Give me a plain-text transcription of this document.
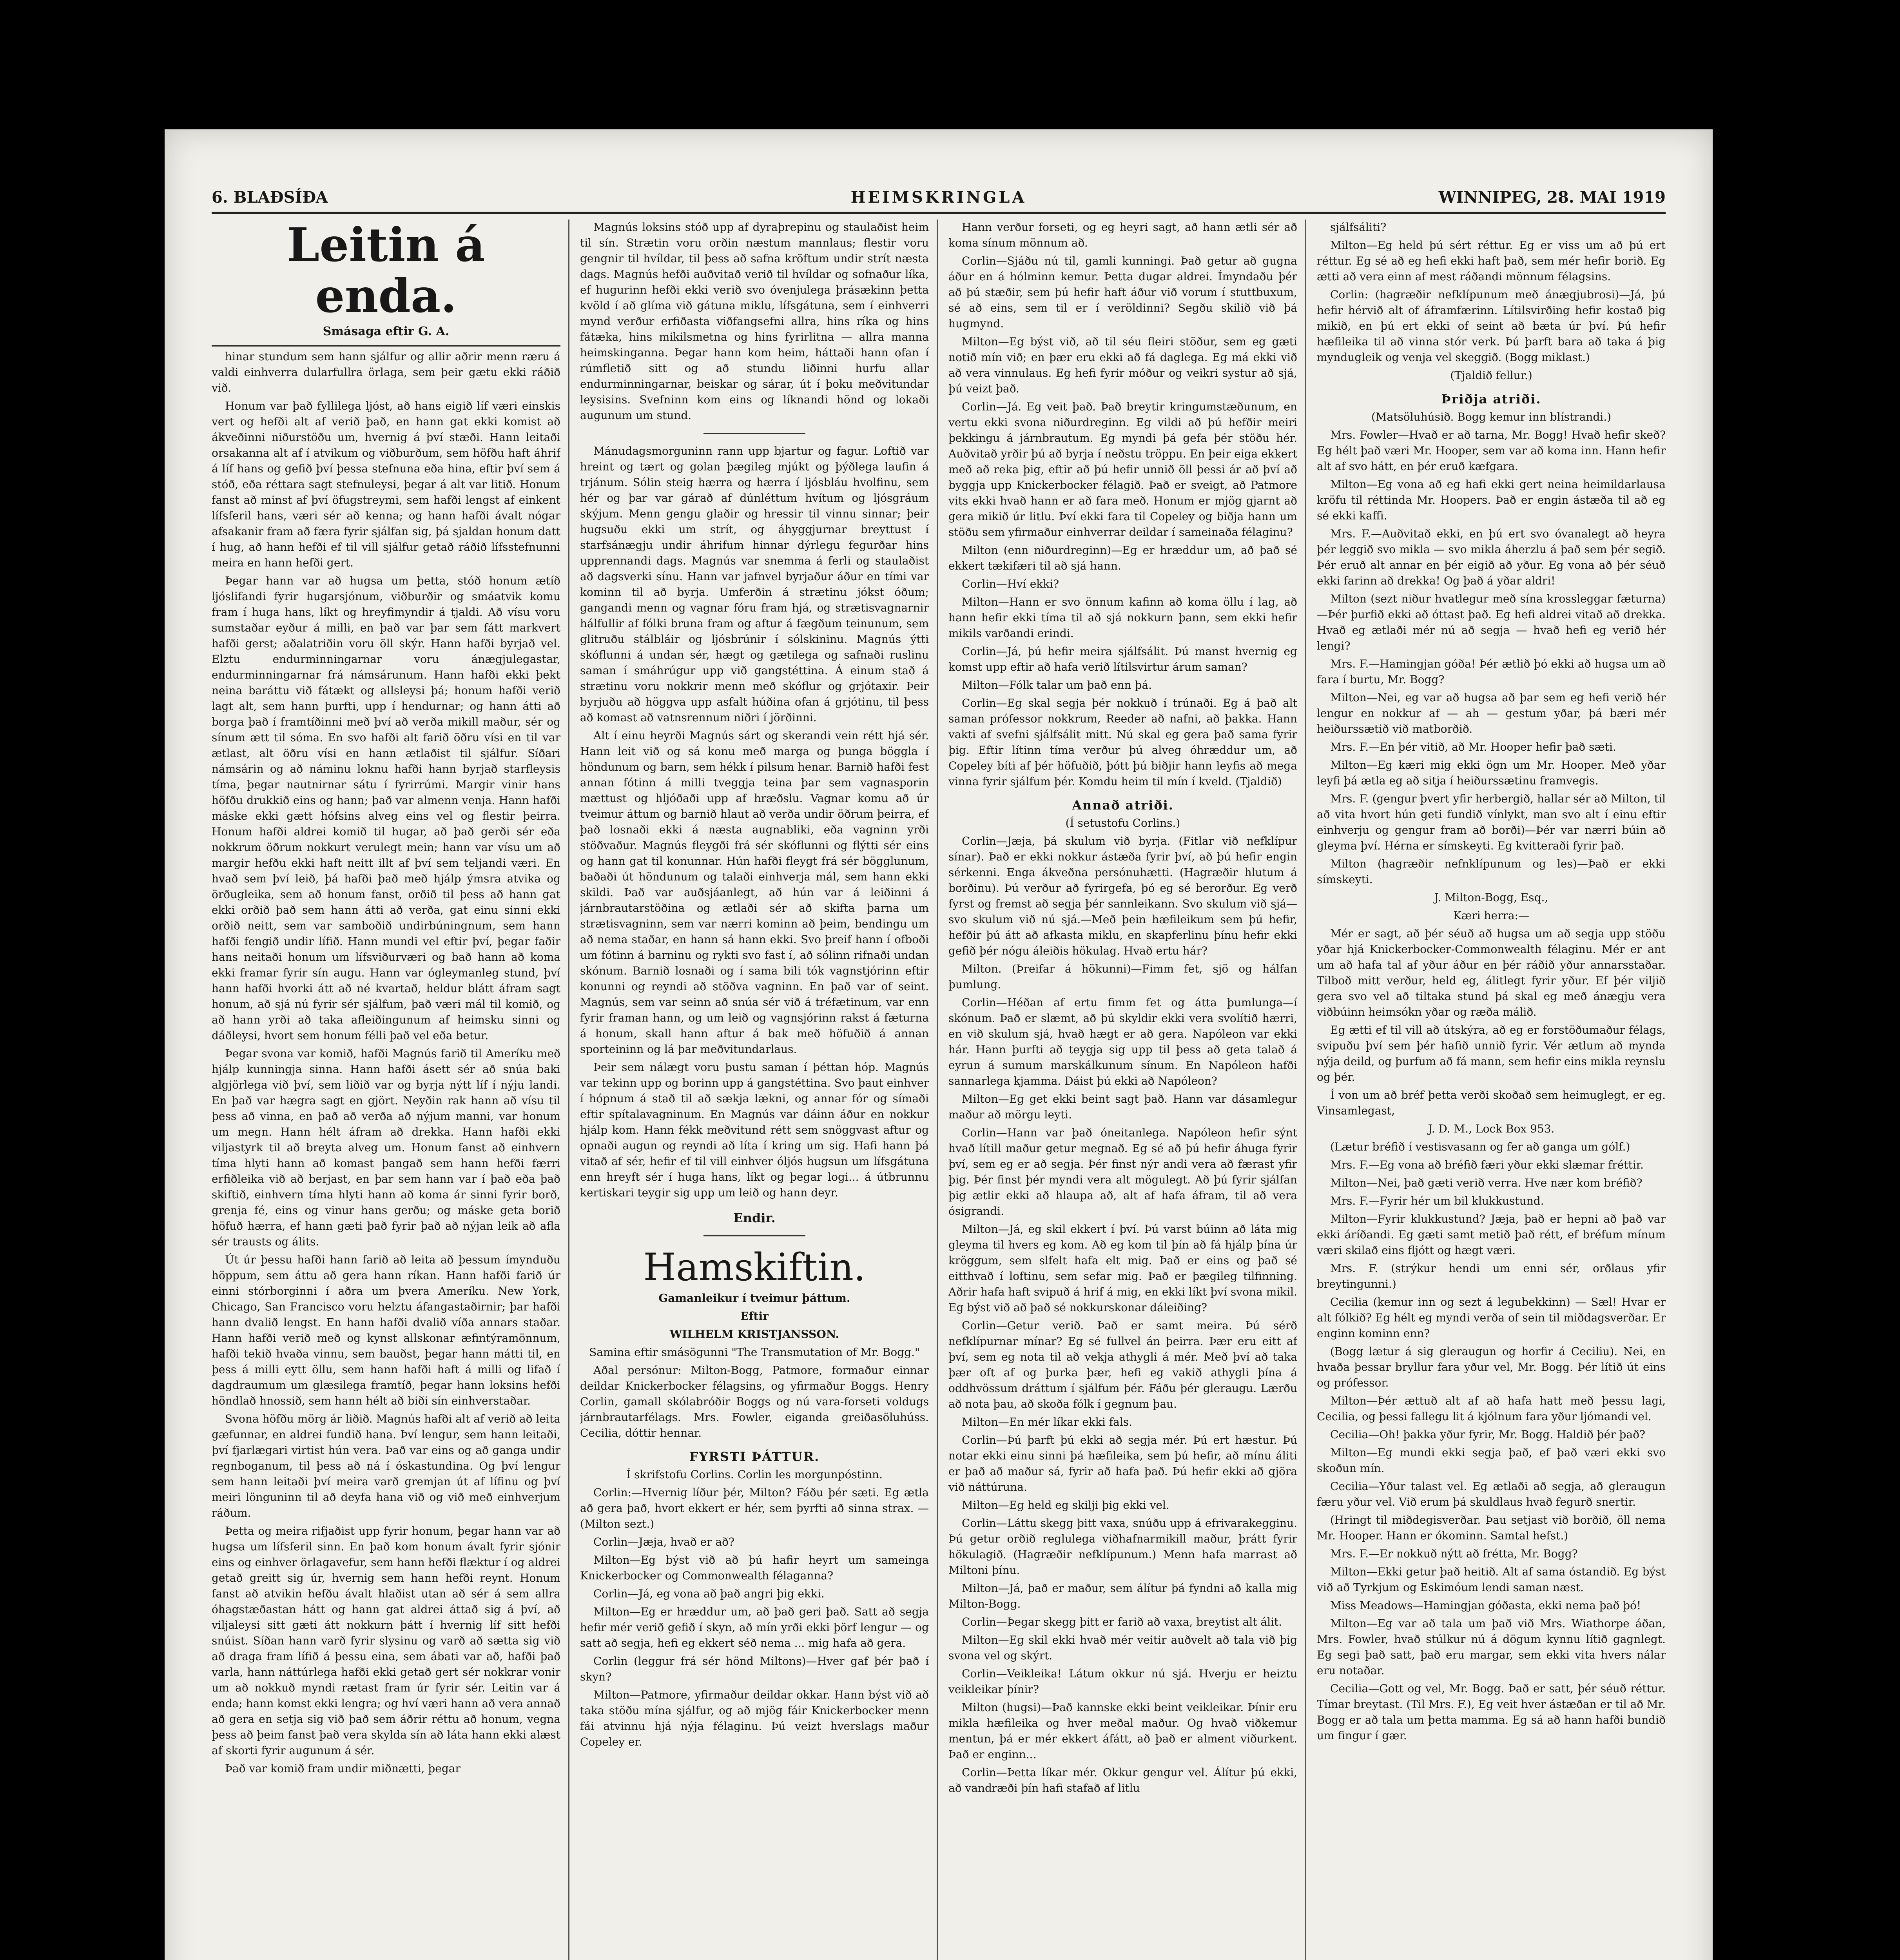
6. BLAÐSÍÐA	HEIMSKRINGLA	WINNIPEG, 28. MAI 1919

Leitin á enda.

Smásaga eftir G. A.

hinar stundum sem hann sjálfur og allir aðrir menn ræru á valdi einhverra dularfullra örlaga, sem þeir gætu ekki ráðið við.

Honum var það fyllilega ljóst, að hans eigið líf væri einskis vert og hefði alt af verið það, en hann gat ekki komist að ákveðinni niðurstöðu um, hvernig á því stæði. Hann leitaði orsakanna alt af í atvikum og viðburðum, sem höfðu haft áhrif á líf hans og gefið því þessa stefnuna eða hina, eftir því sem á stóð, eða réttara sagt stefnuleysi, þegar á alt var litið. Honum fanst að minst af því öfugstreymi, sem hafði lengst af einkent lífsferil hans, væri sér að kenna; og hann hafði ávalt nógar afsakanir fram að færa fyrir sjálfan sig, þá sjaldan honum datt í hug, að hann hefði ef til vill sjálfur getað ráðið lífsstefnunni meira en hann hefði gert.

Þegar hann var að hugsa um þetta, stóð honum ætíð ljóslifandi fyrir hugarsjónum, viðburðir og smáatvik komu fram í huga hans, líkt og hreyfimyndir á tjaldi. Að vísu voru sumstaðar eyður á milli, en það var þar sem fátt markvert hafði gerst; aðalatriðin voru öll skýr. Hann hafði byrjað vel. Elztu endurminningarnar voru ánægjulegastar, endurminningarnar frá námsárunum. Hann hafði ekki þekt neina baráttu við fátækt og allsleysi þá; honum hafði verið lagt alt, sem hann þurfti, upp í hendurnar; og hann átti að borga það í framtíðinni með því að verða mikill maður, sér og sínum ætt til sóma. En svo hafði alt farið öðru vísi en til var ætlast, alt öðru vísi en hann ætlaðist til sjálfur. Síðari námsárin og að náminu loknu hafði hann byrjað starfleysis tíma, þegar nautnirnar sátu í fyrirrúmi. Margir vinir hans höfðu drukkið eins og hann; það var almenn venja. Hann hafði máske ekki gætt hófsins alveg eins vel og flestir þeirra. Honum hafði aldrei komið til hugar, að það gerði sér eða nokkrum öðrum nokkurt verulegt mein; hann var vísu um að margir hefðu ekki haft neitt illt af því sem teljandi væri. En hvað sem því leið, þá hafði það með hjálp ýmsra atvika og örðugleika, sem að honum fanst, orðið til þess að hann gat ekki orðið það sem hann átti að verða, gat einu sinni ekki orðið neitt, sem var samboðið undirbúningnum, sem hann hafði fengið undir lífið. Hann mundi vel eftir því, þegar faðir hans neitaði honum um lífsviðurværi og bað hann að koma ekki framar fyrir sín augu. Hann var ógleymanleg stund, því hann hafði hvorki átt að né kvartað, heldur blátt áfram sagt honum, að sjá nú fyrir sér sjálfum, það væri mál til komið, og að hann yrði að taka afleiðingunum af heimsku sinni og dáðleysi, hvort sem honum félli það vel eða betur.

Þegar svona var komið, hafði Magnús farið til Ameríku með hjálp kunningja sinna. Hann hafði ásett sér að snúa baki algjörlega við því, sem liðið var og byrja nýtt líf í nýju landi. En það var hægra sagt en gjört. Neyðin rak hann að vísu til þess að vinna, en það að verða að nýjum manni, var honum um megn. Hann hélt áfram að drekka. Hann hafði ekki viljastyrk til að breyta alveg um. Honum fanst að einhvern tíma hlyti hann að komast þangað sem hann hefði færri erfiðleika við að berjast, en þar sem hann var í það eða það skiftið, einhvern tíma hlyti hann að koma ár sinni fyrir borð, grenja fé, eins og vinur hans gerðu; og máske geta borið höfuð hærra, ef hann gæti það fyrir það að nýjan leik að afla sér trausts og álits.

Út úr þessu hafði hann farið að leita að þessum ímynduðu höppum, sem áttu að gera hann ríkan. Hann hafði farið úr einni stórborginni í aðra um þvera Ameríku. New York, Chicago, San Francisco voru helztu áfangastaðirnir; þar hafði hann dvalið lengst. En hann hafði dvalið víða annars staðar. Hann hafði verið með og kynst allskonar æfintýramönnum, hafði tekið hvaða vinnu, sem bauðst, þegar hann mátti til, en þess á milli eytt öllu, sem hann hafði haft á milli og lifað í dagdraumum um glæsilega framtíð, þegar hann loksins hefði höndlað hnossið, sem hann hélt að biði sín einhverstaðar.

Svona höfðu mörg ár liðið. Magnús hafði alt af verið að leita gæfunnar, en aldrei fundið hana. Því lengur, sem hann leitaði, því fjarlægari virtist hún vera. Það var eins og að ganga undir regnboganum, til þess að ná í óskastundina. Og því lengur sem hann leitaði því meira varð gremjan út af lífinu og því meiri lönguninn til að deyfa hana við og við með einhverjum ráðum.

Þetta og meira rifjaðist upp fyrir honum, þegar hann var að hugsa um lífsferil sinn. En það kom honum ávalt fyrir sjónir eins og einhver örlagavefur, sem hann hefði flæktur í og aldrei getað greitt sig úr, hvernig sem hann hefði reynt. Honum fanst að atvikin hefðu ávalt hlaðist utan að sér á sem allra óhagstæðastan hátt og hann gat aldrei áttað sig á því, að viljaleysi sitt gæti átt nokkurn þátt í hvernig líf sitt hefði snúist. Síðan hann varð fyrir slysinu og varð að sætta sig við að draga fram lífið á þessu eina, sem ábati var að, hafði það varla, hann náttúrlega hafði ekki getað gert sér nokkrar vonir um að nokkuð myndi rætast fram úr fyrir sér. Leitin var á enda; hann komst ekki lengra; og hví væri hann að vera annað að gera en setja sig við það sem áðrir réttu að honum, vegna þess að þeim fanst það vera skylda sín að láta hann ekki alæst af skorti fyrir augunum á sér.

Það var komið fram undir miðnætti, þegar

Magnús loksins stóð upp af dyraþrepinu og staulaðist heim til sín. Strætin voru orðin næstum mannlaus; flestir voru gengnir til hvíldar, til þess að safna kröftum undir strít næsta dags. Magnús hefði auðvitað verið til hvíldar og sofnaður líka, ef hugurinn hefði ekki verið svo óvenjulega þrásækinn þetta kvöld í að glíma við gátuna miklu, lífsgátuna, sem í einhverri mynd verður erfiðasta viðfangsefni allra, hins ríka og hins fátæka, hins mikilsmetna og hins fyrirlitna — allra manna heimskinganna. Þegar hann kom heim, háttaði hann ofan í rúmfletið sitt og að stundu liðinni hurfu allar endurminningarnar, beiskar og sárar, út í þoku meðvitundar leysisins. Svefninn kom eins og líknandi hönd og lokaði augunum um stund.

Mánudagsmorguninn rann upp bjartur og fagur. Loftið var hreint og tært og golan þægileg mjúkt og þýðlega laufin á trjánum. Sólin steig hærra og hærra í ljósbláu hvolfinu, sem hér og þar var gárað af dúnléttum hvítum og ljósgráum skýjum. Menn gengu glaðir og hressir til vinnu sinnar; þeir hugsuðu ekki um strít, og áhyggjurnar breyttust í starfsánægju undir áhrifum hinnar dýrlegu fegurðar hins upprennandi dags. Magnús var snemma á ferli og staulaðist að dagsverki sínu. Hann var jafnvel byrjaður áður en tími var kominn til að byrja. Umferðin á strætinu jókst óðum; gangandi menn og vagnar fóru fram hjá, og strætisvagnarnir hálfullir af fólki bruna fram og aftur á fægðum teinunum, sem glitruðu stálbláir og ljósbrúnir í sólskininu. Magnús ýtti skóflunni á undan sér, hægt og gætilega og safnaði ruslinu saman í smáhrúgur upp við gangstéttina. Á einum stað á strætinu voru nokkrir menn með skóflur og grjótaxir. Þeir byrjuðu að höggva upp asfalt húðina ofan á grjótinu, til þess að komast að vatnsrennum niðri í jörðinni.

Alt í einu heyrði Magnús sárt og skerandi vein rétt hjá sér. Hann leit við og sá konu með marga og þunga böggla í höndunum og barn, sem hékk í pilsum henar. Barnið hafði fest annan fótinn á milli tveggja teina þar sem vagnasporin mættust og hljóðaði upp af hræðslu. Vagnar komu að úr tveimur áttum og barnið hlaut að verða undir öðrum þeirra, ef það losnaði ekki á næsta augnabliki, eða vagninn yrði stöðvaður. Magnús fleygði frá sér skóflunni og flýtti sér eins og hann gat til konunnar. Hún hafði fleygt frá sér bögglunum, baðaði út höndunum og talaði einhverja mál, sem hann ekki skildi. Það var auðsjáanlegt, að hún var á leiðinni á járnbrautarstöðina og ætlaði sér að skifta þarna um strætisvagninn, sem var nærri kominn að þeim, bendingu um að nema staðar, en hann sá hann ekki. Svo þreif hann í ofboði um fótinn á barninu og rykti svo fast í, að sólinn rifnaði undan skónum. Barnið losnaði og í sama bili tók vagnstjórinn eftir konunni og reyndi að stöðva vagninn. En það var of seint. Magnús, sem var seinn að snúa sér við á tréfætinum, var enn fyrir framan hann, og um leið og vagnsjórinn rakst á fæturna á honum, skall hann aftur á bak með höfuðið á annan sporteininn og lá þar meðvitundarlaus.

Þeir sem nálægt voru þustu saman í þéttan hóp. Magnús var tekinn upp og borinn upp á gangstéttina. Svo þaut einhver í hópnum á stað til að sækja lækni, og annar fór og símaði eftir spítalavagninum. En Magnús var dáinn áður en nokkur hjálp kom. Hann fékk meðvitund rétt sem snöggvast aftur og opnaði augun og reyndi að líta í kring um sig. Hafi hann þá vitað af sér, hefir ef til vill einhver óljós hugsun um lífsgátuna enn hreyft sér í huga hans, líkt og þegar logi... á útbrunnu kertiskari teygir sig upp um leið og hann deyr.

Endir.
Hamskiftin.

Gamanleikur í tveimur þáttum.

Eftir

WILHELM KRISTJANSSON.

Samina eftir smásögunni "The Transmutation of Mr. Bogg."

Aðal persónur: Milton-Bogg, Patmore, formaður einnar deildar Knickerbocker félagsins, og yfirmaður Boggs. Henry Corlin, gamall skólabróðir Boggs og nú vara-forseti voldugs járnbrautarfélags. Mrs. Fowler, eiganda greiðasöluhúss. Cecilia, dóttir hennar.

FYRSTI ÞÁTTUR.

Í skrifstofu Corlins. Corlin les morgunpóstinn.

Corlin:—Hvernig líður þér, Milton? Fáðu þér sæti. Eg ætla að gera það, hvort ekkert er hér, sem þyrfti að sinna strax. — (Milton sezt.)

Corlin—Jæja, hvað er að?

Milton—Eg býst við að þú hafir heyrt um sameinga Knickerbocker og Commonwealth félaganna?

Corlin—Já, eg vona að það angri þig ekki.

Milton—Eg er hræddur um, að það geri það. Satt að segja hefir mér verið gefið í skyn, að mín yrði ekki þörf lengur — og satt að segja, hefi eg ekkert séð nema ... mig hafa að gera.

Corlin (leggur frá sér hönd Miltons)—Hver gaf þér það í skyn?

Milton—Patmore, yfirmaður deildar okkar. Hann býst við að taka stöðu mína sjálfur, og að mjög fáir Knickerbocker menn fái atvinnu hjá nýja félaginu. Þú veizt hverslags maður Copeley er.

Hann verður forseti, og eg heyri sagt, að hann ætli sér að koma sínum mönnum að.

Corlin—Sjáðu nú til, gamli kunningi. Það getur að gugna áður en á hólminn kemur. Þetta dugar aldrei. Ímyndaðu þér að þú stæðir, sem þú hefir haft áður við vorum í stuttbuxum, sé að eins, sem til er í veröldinni? Segðu skilið við þá hugmynd.

Milton—Eg býst við, að til séu fleiri stöður, sem eg gæti notið mín við; en þær eru ekki að fá daglega. Eg má ekki við að vera vinnulaus. Eg hefi fyrir móður og veikri systur að sjá, þú veizt það.

Corlin—Já. Eg veit það. Það breytir kringumstæðunum, en vertu ekki svona niðurdreginn. Eg vildi að þú hefðir meiri þekkingu á járnbrautum. Eg myndi þá gefa þér stöðu hér. Auðvitað yrðir þú að byrja í neðstu tröppu. En þeir eiga ekkert með að reka þig, eftir að þú hefir unnið öll þessi ár að því að byggja upp Knickerbocker félagið. Það er sveigt, að Patmore vits ekki hvað hann er að fara með. Honum er mjög gjarnt að gera mikið úr litlu. Því ekki fara til Copeley og biðja hann um stöðu sem yfirmaður einhverrar deildar í sameinaða félaginu?

Milton (enn niðurdreginn)—Eg er hræddur um, að það sé ekkert tækifæri til að sjá hann.

Corlin—Hví ekki?

Milton—Hann er svo önnum kafinn að koma öllu í lag, að hann hefir ekki tíma til að sjá nokkurn þann, sem ekki hefir mikils varðandi erindi.

Corlin—Já, þú hefir meira sjálfsálit. Þú manst hvernig eg komst upp eftir að hafa verið lítilsvirtur árum saman?

Milton—Fólk talar um það enn þá.

Corlin—Eg skal segja þér nokkuð í trúnaði. Eg á það alt saman prófessor nokkrum, Reeder að nafni, að þakka. Hann vakti af svefni sjálfsálit mitt. Nú skal eg gera það sama fyrir þig. Eftir lítinn tíma verður þú alveg óhræddur um, að Copeley bíti af þér höfuðið, þótt þú biðjir hann leyfis að mega vinna fyrir sjálfum þér. Komdu heim til mín í kveld. (Tjaldið)

Annað atriði.

(Í setustofu Corlins.)

Corlin—Jæja, þá skulum við byrja. (Fitlar við nefklípur sínar). Það er ekki nokkur ástæða fyrir því, að þú hefir engin sérkenni. Enga ákveðna persónuhætti. (Hagræðir hlutum á borðinu). Þú verður að fyrirgefa, þó eg sé berorður. Eg verð fyrst og fremst að segja þér sannleikann. Svo skulum við sjá—svo skulum við nú sjá.—Með þein hæfileikum sem þú hefir, hefðir þú átt að afkasta miklu, en skapferlinu þínu hefir ekki gefið þér nógu áleiðis hökulag. Hvað ertu hár?

Milton. (Þreifar á hökunni)—Fimm fet, sjö og hálfan þumlung.

Corlin—Héðan af ertu fimm fet og átta þumlunga—í skónum. Það er slæmt, að þú skyldir ekki vera svolítið hærri, en við skulum sjá, hvað hægt er að gera. Napóleon var ekki hár. Hann þurfti að teygja sig upp til þess að geta talað á eyrun á sumum marskálkunum sínum. En Napóleon hafði sannarlega kjamma. Dáist þú ekki að Napóleon?

Milton—Eg get ekki beint sagt það. Hann var dásamlegur maður að mörgu leyti.

Corlin—Hann var það óneitanlega. Napóleon hefir sýnt hvað lítill maður getur megnað. Eg sé að þú hefir áhuga fyrir því, sem eg er að segja. Þér finst nýr andi vera að færast yfir þig. Þér finst þér myndi vera alt mögulegt. Að þú fyrir sjálfan þig ætlir ekki að hlaupa að, alt af hafa áfram, til að vera ósigrandi.

Milton—Já, eg skil ekkert í því. Þú varst búinn að láta mig gleyma til hvers eg kom. Að eg kom til þín að fá hjálp þína úr kröggum, sem slfelt hafa elt mig. Það er eins og það sé eitthvað í loftinu, sem sefar mig. Það er þægileg tilfinning. Aðrir hafa haft svipuð á hrif á mig, en ekki líkt því svona mikil. Eg býst við að það sé nokkurskonar dáleiðing?

Corlin—Getur verið. Það er samt meira. Þú sérð nefklípurnar mínar? Eg sé fullvel án þeirra. Þær eru eitt af því, sem eg nota til að vekja athygli á mér. Með því að taka þær oft af og þurka þær, hefi eg vakið athygli þína á oddhvössum dráttum í sjálfum þér. Fáðu þér gleraugu. Lærðu að nota þau, að skoða fólk í gegnum þau.

Milton—En mér líkar ekki fals.

Corlin—Þú þarft þú ekki að segja mér. Þú ert hæstur. Þú notar ekki einu sinni þá hæfileika, sem þú hefir, að mínu áliti er það að maður sá, fyrir að hafa það. Þú hefir ekki að gjöra við náttúruna.

Milton—Eg held eg skilji þig ekki vel.

Corlin—Láttu skegg þitt vaxa, snúðu upp á efrivarakegginu. Þú getur orðið reglulega viðhafnarmikill maður, þrátt fyrir hökulagið. (Hagræðir nefklípunum.) Menn hafa marrast að Miltoni þínu.

Milton—Já, það er maður, sem álítur þá fyndni að kalla mig Milton-Bogg.

Corlin—Þegar skegg þitt er farið að vaxa, breytist alt álit.

Milton—Eg skil ekki hvað mér veitir auðvelt að tala við þig svona vel og skýrt.

Corlin—Veikleika! Látum okkur nú sjá. Hverju er heiztu veikleikar þínir?

Milton (hugsi)—Það kannske ekki beint veikleikar. Þínir eru mikla hæfileika og hver meðal maður. Og hvað viðkemur mentun, þá er mér ekkert áfátt, að það er alment viðurkent. Það er enginn...

Corlin—Þetta líkar mér. Okkur gengur vel. Álítur þú ekki, að vandræði þín hafi stafað af litlu

sjálfsáliti?

Milton—Eg held þú sért réttur. Eg er viss um að þú ert réttur. Eg sé að eg hefi ekki haft það, sem mér hefir borið. Eg ætti að vera einn af mest ráðandi mönnum félagsins.

Corlin: (hagræðir nefklípunum með ánægjubrosi)—Já, þú hefir hérvið alt of áframfærinn. Lítilsvirðing hefir kostað þig mikið, en þú ert ekki of seint að bæta úr því. Þú hefir hæfileika til að vinna stór verk. Þú þarft bara að taka á þig myndugleik og venja vel skeggið. (Bogg miklast.)

(Tjaldið fellur.)

Þriðja atriði.

(Matsöluhúsið. Bogg kemur inn blístrandi.)

Mrs. Fowler—Hvað er að tarna, Mr. Bogg! Hvað hefir skeð? Eg hélt það væri Mr. Hooper, sem var að koma inn. Hann hefir alt af svo hátt, en þér eruð kæfgara.

Milton—Eg vona að eg hafi ekki gert neina heimildarlausa kröfu til réttinda Mr. Hoopers. Það er engin ástæða til að eg sé ekki kaffi.

Mrs. F.—Auðvitað ekki, en þú ert svo óvanalegt að heyra þér leggið svo mikla — svo mikla áherzlu á það sem þér segið. Þér eruð alt annar en þér eigið að yður. Eg vona að þér séuð ekki farinn að drekka! Og það á yðar aldri!

Milton (sezt niður hvatlegur með sína krossleggar fæturna)—Þér þurfið ekki að óttast það. Eg hefi aldrei vitað að drekka. Hvað eg ætlaði mér nú að segja — hvað hefi eg verið hér lengi?

Mrs. F.—Hamingjan góða! Þér ætlið þó ekki að hugsa um að fara í burtu, Mr. Bogg?

Milton—Nei, eg var að hugsa að þar sem eg hefi verið hér lengur en nokkur af — ah — gestum yðar, þá bæri mér heiðurssætið við matborðið.

Mrs. F.—En þér vitið, að Mr. Hooper hefir það sæti.

Milton—Eg kæri mig ekki ögn um Mr. Hooper. Með yðar leyfi þá ætla eg að sitja í heiðurssætinu framvegis.

Mrs. F. (gengur þvert yfir herbergið, hallar sér að Milton, til að vita hvort hún geti fundið vínlykt, man svo alt í einu eftir einhverju og gengur fram að borði)—Þér var nærri búin að gleyma því. Hérna er símskeyti. Eg kvitteraði fyrir það.

Milton (hagræðir nefnklípunum og les)—Það er ekki símskeyti.

J. Milton-Bogg, Esq.,

Kæri herra:—

Mér er sagt, að þér séuð að hugsa um að segja upp stöðu yðar hjá Knickerbocker-Commonwealth félaginu. Mér er ant um að hafa tal af yður áður en þér ráðið yður annarsstaðar. Tilboð mitt verður, held eg, álitlegt fyrir yður. Ef þér viljið gera svo vel að tiltaka stund þá skal eg með ánægju vera viðbúinn heimsókn yðar og ræða málið.

Eg ætti ef til vill að útskýra, að eg er forstöðumaður félags, svipuðu því sem þér hafið unnið fyrir. Vér ætlum að mynda nýja deild, og þurfum að fá mann, sem hefir eins mikla reynslu og þér.

Í von um að bréf þetta verði skoðað sem heimuglegt, er eg. Vinsamlegast,

J. D. M., Lock Box 953.

(Lætur bréfið í vestisvasann og fer að ganga um gólf.)

Mrs. F.—Eg vona að bréfið færi yður ekki slæmar fréttir.

Milton—Nei, það gæti verið verra. Hve nær kom bréfið?

Mrs. F.—Fyrir hér um bil klukkustund.

Milton—Fyrir klukkustund? Jæja, það er hepni að það var ekki áríðandi. Eg gæti samt metið það rétt, ef bréfum mínum væri skilað eins fljótt og hægt væri.

Mrs. F. (strýkur hendi um enni sér, orðlaus yfir breytingunni.)

Cecilia (kemur inn og sezt á legubekkinn) — Sæl! Hvar er alt fólkið? Eg hélt eg myndi verða of sein til miðdagsverðar. Er enginn kominn enn?

(Bogg lætur á sig gleraugun og horfir á Ceciliu). Nei, en hvaða þessar bryllur fara yður vel, Mr. Bogg. Þér lítið út eins og prófessor.

Milton—Þér ættuð alt af að hafa hatt með þessu lagi, Cecilia, og þessi fallegu lit á kjólnum fara yður ljómandi vel.

Cecilia—Oh! þakka yður fyrir, Mr. Bogg. Haldið þér það?

Milton—Eg mundi ekki segja það, ef það væri ekki svo skoðun mín.

Cecilia—Yður talast vel. Eg ætlaði að segja, að gleraugun færu yður vel. Við erum þá skuldlaus hvað fegurð snertir.

(Hringt til miðdegisverðar. Þau setjast við borðið, öll nema Mr. Hooper. Hann er ókominn. Samtal hefst.)

Mrs. F.—Er nokkuð nýtt að frétta, Mr. Bogg?

Milton—Ekki getur það heitið. Alt af sama óstandið. Eg býst við að Tyrkjum og Eskimóum lendi saman næst.

Miss Meadows—Hamingjan góðasta, ekki nema það þó!

Milton—Eg var að tala um það við Mrs. Wiathorpe áðan, Mrs. Fowler, hvað stúlkur nú á dögum kynnu lítið gagnlegt. Eg segi það satt, það eru margar, sem ekki vita hvers nálar eru notaðar.

Cecilia—Gott og vel, Mr. Bogg. Það er satt, þér séuð réttur. Tímar breytast. (Til Mrs. F.), Eg veit hver ástæðan er til að Mr. Bogg er að tala um þetta mamma. Eg sá að hann hafði bundið um fingur í gær.
